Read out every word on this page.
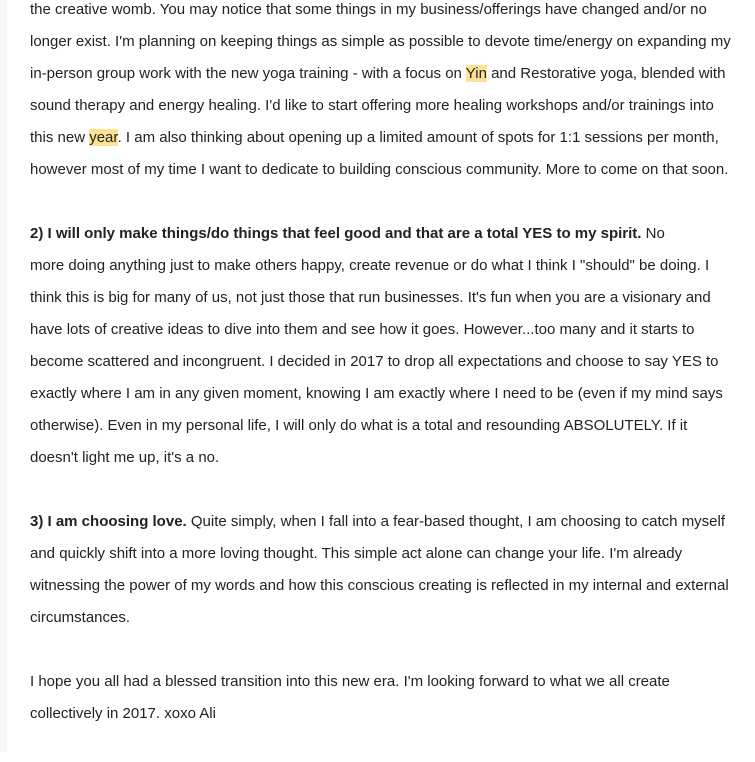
the creative womb. You may notice that some things in my business/offerings have changed and/or no
longer exist. I'm planning on keeping things as simple as possible to devote time/energy on expanding my
in-person group work with the new yoga training - with a focus on Yin and Restorative yoga, blended with
sound therapy and energy healing. I'd like to start offering more healing workshops and/or trainings into
this new year. I am also thinking about opening up a limited amount of spots for 1:1 sessions per month,
however most of my time I want to dedicate to building conscious community. More to come on that soon.
2) I will only make things/do things that feel good and that are a total YES to my spirit. No
more doing anything just to make others happy, create revenue or do what I think I "should" be doing. I
think this is big for many of us, not just those that run businesses. It's fun when you are a visionary and
have lots of creative ideas to dive into them and see how it goes. However...too many and it starts to
become scattered and incongruent. I decided in 2017 to drop all expectations and choose to say YES to
exactly where I am in any given moment, knowing I am exactly where I need to be (even if my mind says
otherwise). Even in my personal life, I will only do what is a total and resounding ABSOLUTELY. If it
doesn't light me up, it's a no.
3) I am choosing love. Quite simply, when I fall into a fear-based thought, I am choosing to catch myself
and quickly shift into a more loving thought. This simple act alone can change your life. I'm already
witnessing the power of my words and how this conscious creating is reflected in my internal and external
circumstances.
I hope you all had a blessed transition into this new era. I'm looking forward to what we all create
collectively in 2017. xoxo Ali
